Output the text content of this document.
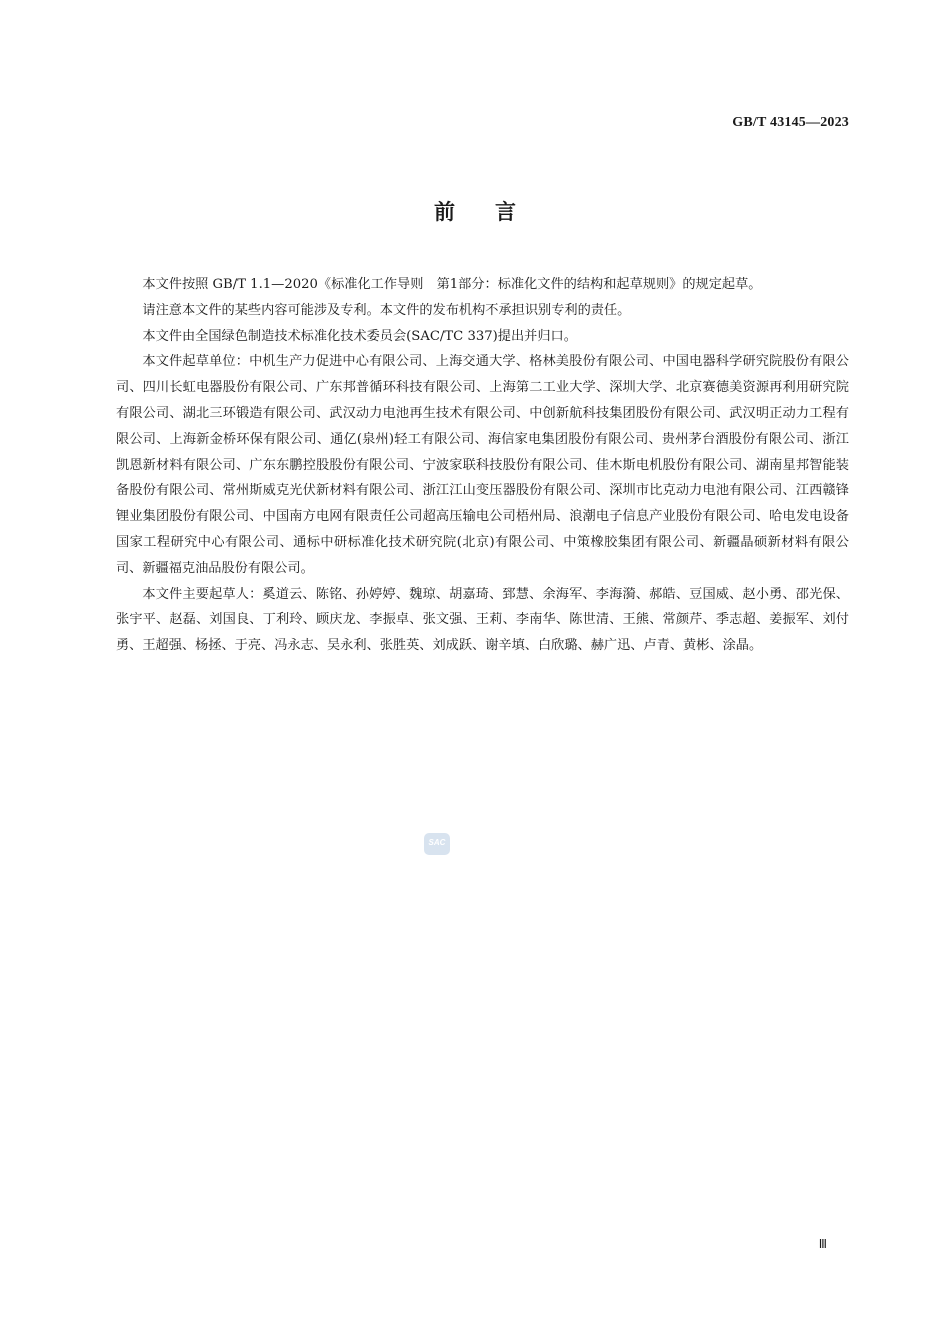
GB/T 43145—2023
前言

本文件按照 GB/T 1.1—2020《标准化工作导则　第1部分：标准化文件的结构和起草规则》的规定起草。

请注意本文件的某些内容可能涉及专利。本文件的发布机构不承担识别专利的责任。

本文件由全国绿色制造技术标准化技术委员会(SAC/TC 337)提出并归口。

本文件起草单位：中机生产力促进中心有限公司、上海交通大学、格林美股份有限公司、中国电器科学研究院股份有限公司、四川长虹电器股份有限公司、广东邦普循环科技有限公司、上海第二工业大学、深圳大学、北京赛德美资源再利用研究院有限公司、湖北三环锻造有限公司、武汉动力电池再生技术有限公司、中创新航科技集团股份有限公司、武汉明正动力工程有限公司、上海新金桥环保有限公司、通亿(泉州)轻工有限公司、海信家电集团股份有限公司、贵州茅台酒股份有限公司、浙江凯恩新材料有限公司、广东东鹏控股股份有限公司、宁波家联科技股份有限公司、佳木斯电机股份有限公司、湖南星邦智能装备股份有限公司、常州斯威克光伏新材料有限公司、浙江江山变压器股份有限公司、深圳市比克动力电池有限公司、江西赣锋锂业集团股份有限公司、中国南方电网有限责任公司超高压输电公司梧州局、浪潮电子信息产业股份有限公司、哈电发电设备国家工程研究中心有限公司、通标中研标准化技术研究院(北京)有限公司、中策橡胶集团有限公司、新疆晶硕新材料有限公司、新疆福克油品股份有限公司。

本文件主要起草人：奚道云、陈铭、孙婷婷、魏琼、胡嘉琦、郅慧、余海军、李海漪、郝皓、豆国威、赵小勇、邵光保、张宇平、赵磊、刘国良、丁利玲、顾庆龙、李振卓、张文强、王莉、李南华、陈世清、王熊、常颜芹、季志超、姜振军、刘付勇、王超强、杨拯、于亮、冯永志、吴永利、张胜英、刘成跃、谢辛填、白欣璐、赫广迅、卢青、黄彬、涂晶。

SAC
Ⅲ
